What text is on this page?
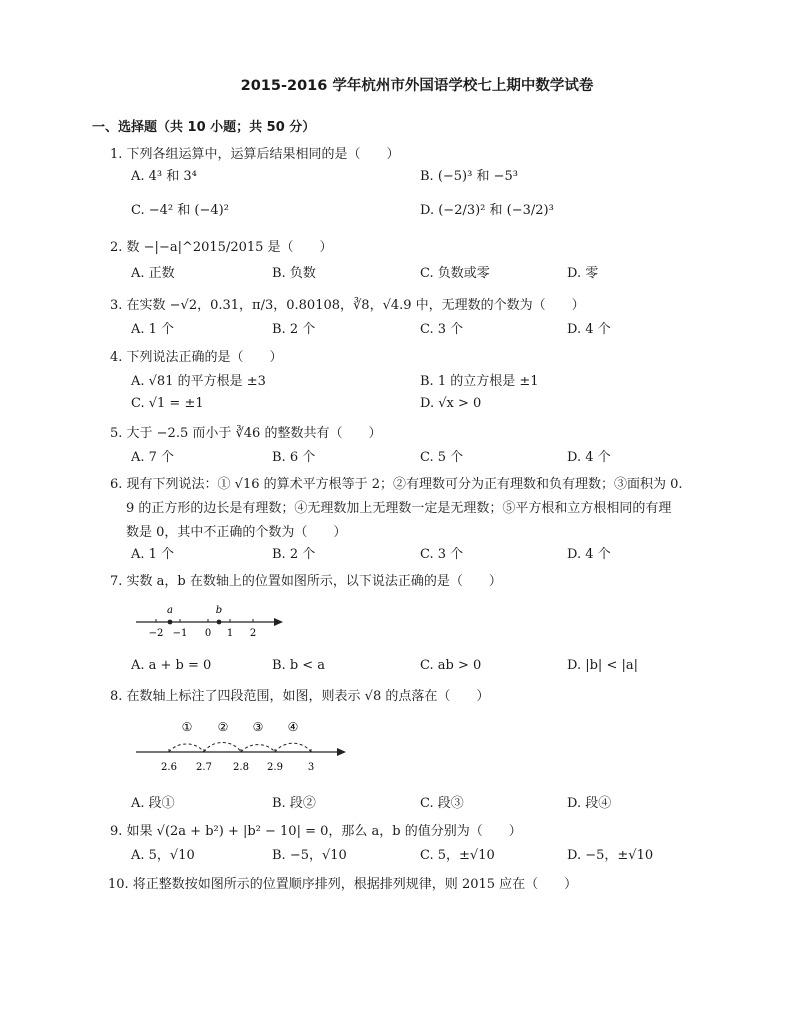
2015-2016 学年杭州市外国语学校七上期中数学试卷
一、选择题（共 10 小题；共 50 分）
1. 下列各组运算中，运算后结果相同的是（　　）
A. 4³ 和 3⁴	B. (−5)³ 和 −5³
C. −4² 和 (−4)²	D. (−2/3)² 和 (−3/2)³
2. 数 −|−a|^2015/2015 是（　　）
A. 正数	B. 负数	C. 负数或零	D. 零
3. 在实数 −√2，0.31，π/3，0.80108，∛8，√4.9 中，无理数的个数为（　　）
A. 1 个	B. 2 个	C. 3 个	D. 4 个
4. 下列说法正确的是（　　）
A. √81 的平方根是 ±3	B. 1 的立方根是 ±1
C. √1 = ±1	D. √x > 0
5. 大于 −2.5 而小于 ∛46 的整数共有（　　）
A. 7 个	B. 6 个	C. 5 个	D. 4 个
6. 现有下列说法：① √16 的算术平方根等于 2；②有理数可分为正有理数和负有理数；③面积为 0.
9 的正方形的边长是有理数；④无理数加上无理数一定是无理数；⑤平方根和立方根相同的有理
数是 0，其中不正确的个数为（　　）
A. 1 个	B. 2 个	C. 3 个	D. 4 个
7. 实数 a，b 在数轴上的位置如图所示，以下说法正确的是（　　）
a	b
−2 −1 0 1 2
A. a + b = 0	B. b < a	C. ab > 0	D. |b| < |a|
8. 在数轴上标注了四段范围，如图，则表示 √8 的点落在（　　）
① ② ③ ④
2.6 2.7 2.8 2.9 3
A. 段①	B. 段②	C. 段③	D. 段④
9. 如果 √(2a + b²) + |b² − 10| = 0，那么 a，b 的值分别为（　　）
A. 5，√10	B. −5，√10	C. 5，±√10	D. −5，±√10
10. 将正整数按如图所示的位置顺序排列，根据排列规律，则 2015 应在（　　）
